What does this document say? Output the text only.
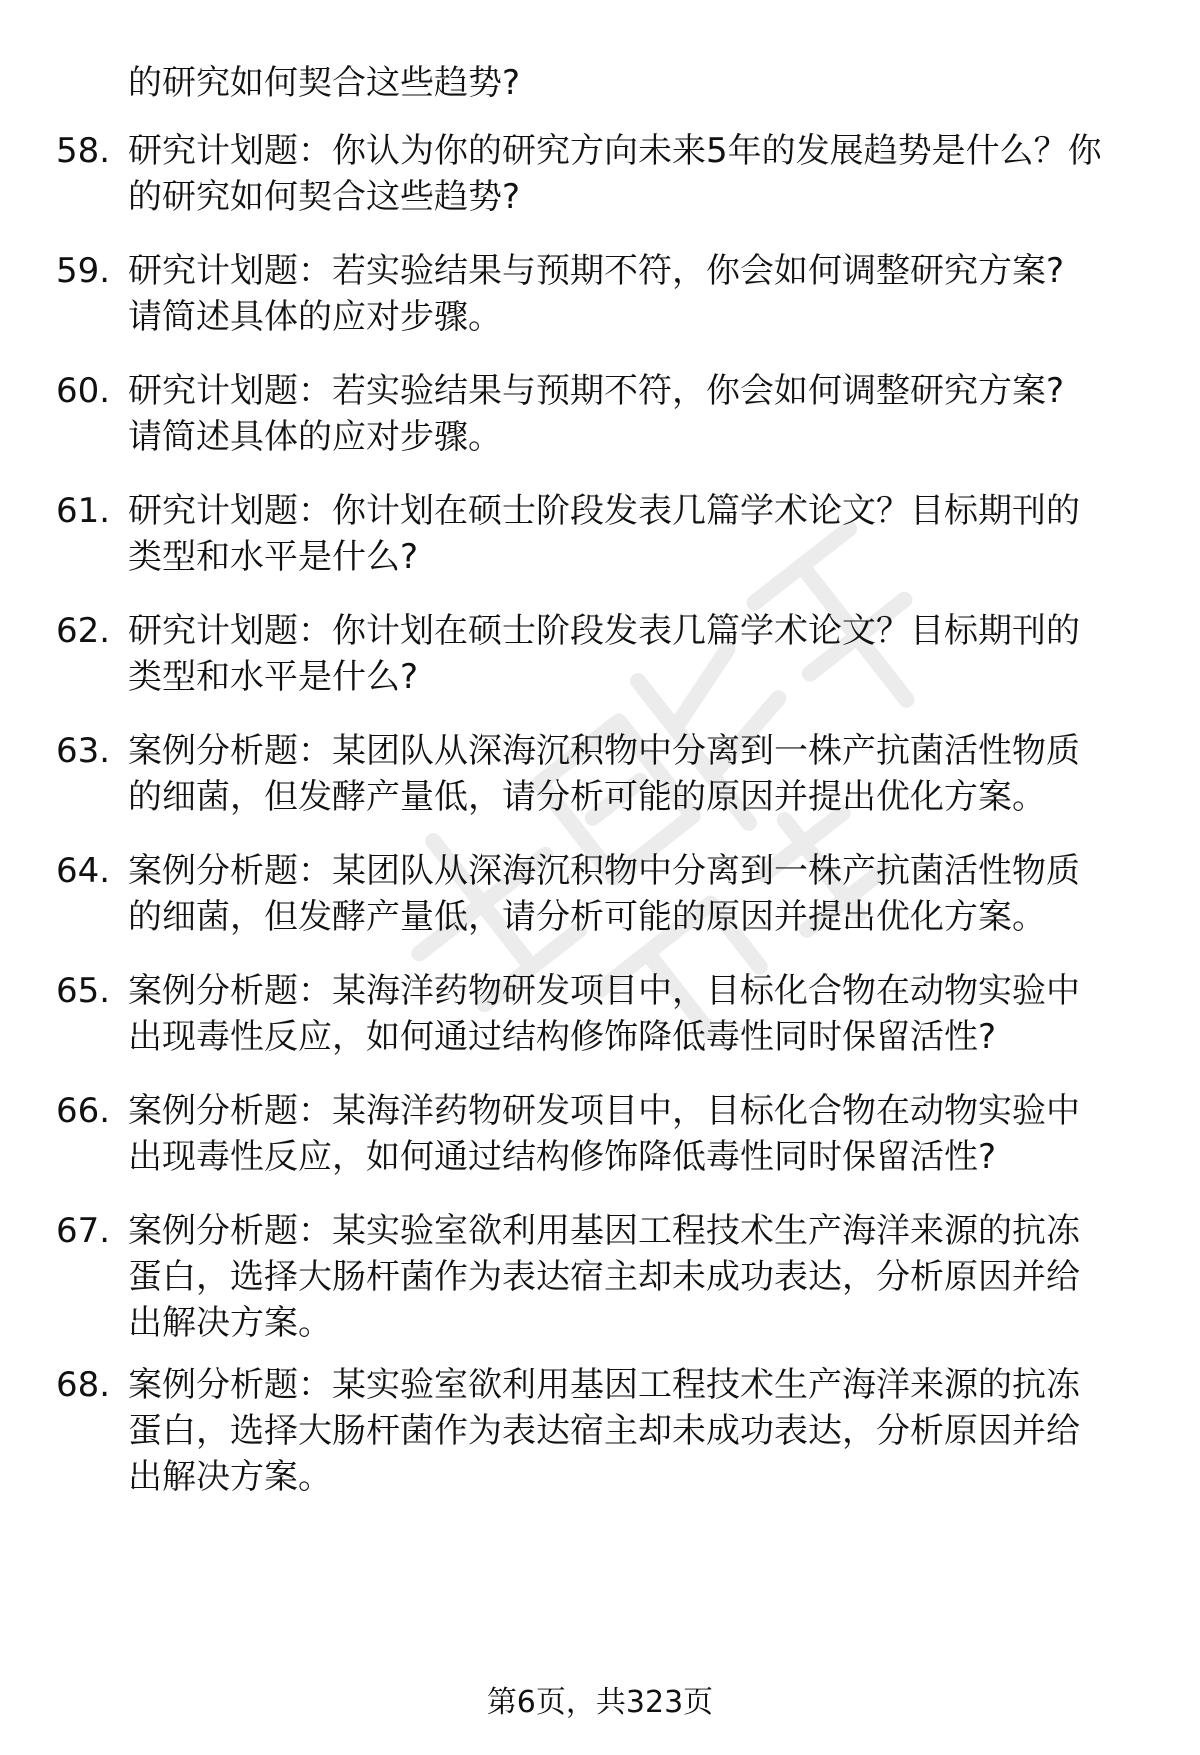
的研究如何契合这些趋势?
58. 研究计划题：你认为你的研究方向未来5年的发展趋势是什么？你
的研究如何契合这些趋势?
59. 研究计划题：若实验结果与预期不符，你会如何调整研究方案?
请简述具体的应对步骤。
60. 研究计划题：若实验结果与预期不符，你会如何调整研究方案?
请简述具体的应对步骤。
61. 研究计划题：你计划在硕士阶段发表几篇学术论文？目标期刊的
类型和水平是什么?
62. 研究计划题：你计划在硕士阶段发表几篇学术论文？目标期刊的
类型和水平是什么?
63. 案例分析题：某团队从深海沉积物中分离到一株产抗菌活性物质
的细菌，但发酵产量低，请分析可能的原因并提出优化方案。
64. 案例分析题：某团队从深海沉积物中分离到一株产抗菌活性物质
的细菌，但发酵产量低，请分析可能的原因并提出优化方案。
65. 案例分析题：某海洋药物研发项目中，目标化合物在动物实验中
出现毒性反应，如何通过结构修饰降低毒性同时保留活性?
66. 案例分析题：某海洋药物研发项目中，目标化合物在动物实验中
出现毒性反应，如何通过结构修饰降低毒性同时保留活性?
67. 案例分析题：某实验室欲利用基因工程技术生产海洋来源的抗冻
蛋白，选择大肠杆菌作为表达宿主却未成功表达，分析原因并给
出解决方案。
68. 案例分析题：某实验室欲利用基因工程技术生产海洋来源的抗冻
蛋白，选择大肠杆菌作为表达宿主却未成功表达，分析原因并给
出解决方案。
第6页，共323页
